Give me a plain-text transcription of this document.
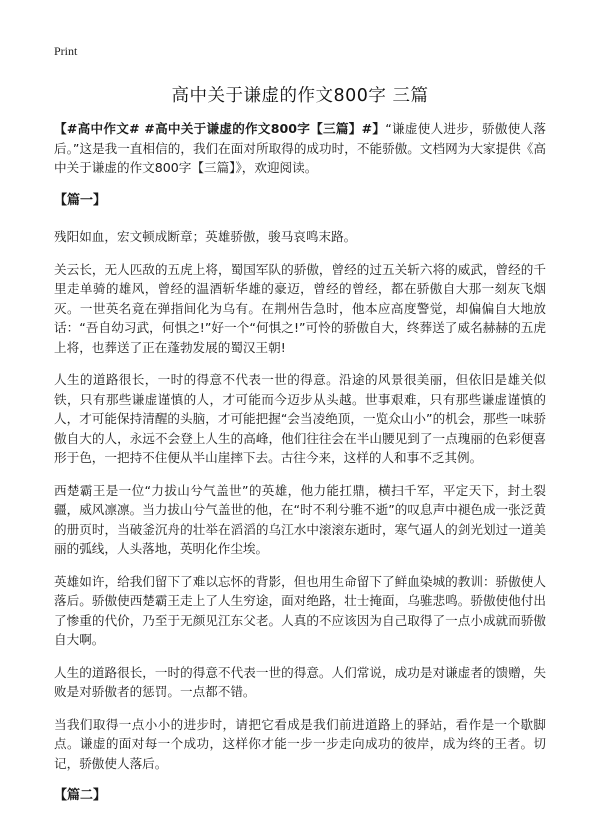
Print
高中关于谦虚的作文800字 三篇

【#高中作文# #高中关于谦虚的作文800字【三篇】#】“谦虚使人进步，骄傲使人落后。”这是我一直相信的，我们在面对所取得的成功时，不能骄傲。文档网为大家提供《高中关于谦虚的作文800字【三篇】》，欢迎阅读。

【篇一】

残阳如血，宏文顿成断章；英雄骄傲，骏马哀鸣末路。

关云长，无人匹敌的五虎上将，蜀国军队的骄傲，曾经的过五关斩六将的威武，曾经的千里走单骑的雄风，曾经的温酒斩华雄的豪迈，曾经的曾经，都在骄傲自大那一刻灰飞烟灭。一世英名竟在弹指间化为乌有。在荆州告急时，他本应高度警觉，却偏偏自大地放话：“吾自幼习武，何惧之!”好一个“何惧之!”可怜的骄傲自大，终葬送了威名赫赫的五虎上将，也葬送了正在蓬勃发展的蜀汉王朝!

人生的道路很长，一时的得意不代表一世的得意。沿途的风景很美丽，但依旧是雄关似铁，只有那些谦虚谨慎的人，才可能而今迈步从头越。世事艰难，只有那些谦虚谨慎的人，才可能保持清醒的头脑，才可能把握“会当凌绝顶，一览众山小”的机会，那些一味骄傲自大的人，永远不会登上人生的高峰，他们往往会在半山腰见到了一点瑰丽的色彩便喜形于色，一把持不住便从半山崖摔下去。古往今来，这样的人和事不乏其例。

西楚霸王是一位“力拔山兮气盖世”的英雄，他力能扛鼎，横扫千军，平定天下，封土裂疆，威风凛凛。当力拔山兮气盖世的他，在“时不利兮骓不逝”的叹息声中褪色成一张泛黄的册页时，当破釜沉舟的壮举在滔滔的乌江水中滚滚东逝时，寒气逼人的剑光划过一道美丽的弧线，人头落地，英明化作尘埃。

英雄如许，给我们留下了难以忘怀的背影，但也用生命留下了鲜血染城的教训：骄傲使人落后。骄傲使西楚霸王走上了人生穷途，面对绝路，壮士掩面，乌骓悲鸣。骄傲使他付出了惨重的代价，乃至于无颜见江东父老。人真的不应该因为自己取得了一点小成就而骄傲自大啊。

人生的道路很长，一时的得意不代表一世的得意。人们常说，成功是对谦虚者的馈赠，失败是对骄傲者的惩罚。一点都不错。

当我们取得一点小小的进步时，请把它看成是我们前进道路上的驿站，看作是一个歇脚点。谦虚的面对每一个成功，这样你才能一步一步走向成功的彼岸，成为终的王者。切记，骄傲使人落后。

【篇二】
